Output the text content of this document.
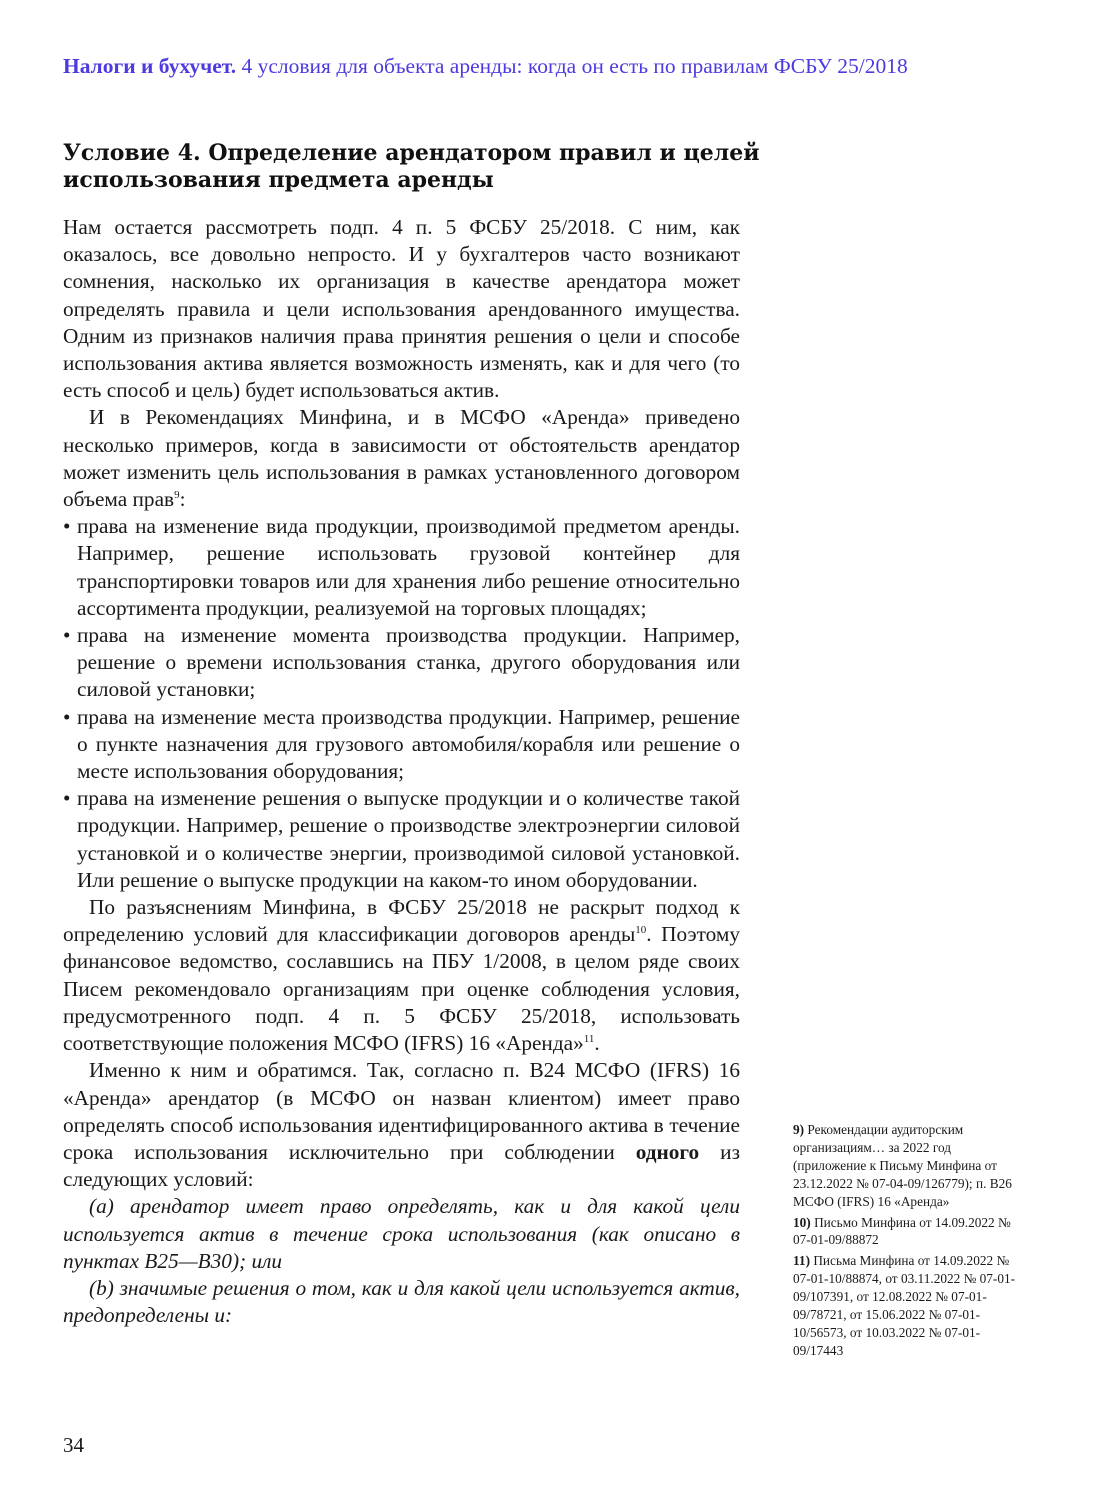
Налоги и бухучет. 4 условия для объекта аренды: когда он есть по правилам ФСБУ 25/2018
Условие 4. Определение арендатором правил и целей использования предмета аренды

Нам остается рассмотреть подп. 4 п. 5 ФСБУ 25/2018. С ним, как оказалось, все довольно непросто. И у бухгалтеров часто возникают сомнения, насколько их организация в качестве арендатора может определять правила и цели использования арендованного имущества. Одним из признаков наличия права принятия решения о цели и способе использования актива является возможность изменять, как и для чего (то есть способ и цель) будет использоваться актив.

И в Рекомендациях Минфина, и в МСФО «Аренда» приведено несколько примеров, когда в зависимости от обстоятельств арендатор может изменить цель использования в рамках установленного договором объема прав$^9$:

• права на изменение вида продукции, производимой предметом аренды. Например, решение использовать грузовой контейнер для транспортировки товаров или для хранения либо решение относительно ассортимента продукции, реализуемой на торговых площадях;
• права на изменение момента производства продукции. Например, решение о времени использования станка, другого оборудования или силовой установки;
• права на изменение места производства продукции. Например, решение о пункте назначения для грузового автомобиля/корабля или решение о месте использования оборудования;
• права на изменение решения о выпуске продукции и о количестве такой продукции. Например, решение о производстве электроэнергии силовой установкой и о количестве энергии, производимой силовой установкой. Или решение о выпуске продукции на каком-то ином оборудовании.

По разъяснениям Минфина, в ФСБУ 25/2018 не раскрыт подход к определению условий для классификации договоров аренды$^{10}$. Поэтому финансовое ведомство, сославшись на ПБУ 1/2008, в целом ряде своих Писем рекомендовало организациям при оценке соблюдения условия, предусмотренного подп. 4 п. 5 ФСБУ 25/2018, использовать соответствующие положения МСФО (IFRS) 16 «Аренда»$^{11}$.

Именно к ним и обратимся. Так, согласно п. B24 МСФО (IFRS) 16 «Аренда» арендатор (в МСФО он назван клиентом) имеет право определять способ использования идентифицированного актива в течение срока использования исключительно при соблюдении одного из следующих условий:

(a) арендатор имеет право определять, как и для какой цели используется актив в течение срока использования (как описано в пунктах B25—B30); или

(b) значимые решения о том, как и для какой цели используется актив, предопределены и:

9) Рекомендации аудиторским организациям… за 2022 год (приложение к Письму Минфина от 23.12.2022 № 07-04-09/126779); п. B26 МСФО (IFRS) 16 «Аренда»
10) Письмо Минфина от 14.09.2022 № 07-01-09/88872
11) Письма Минфина от 14.09.2022 № 07-01-10/88874, от 03.11.2022 № 07-01-09/107391, от 12.08.2022 № 07-01-09/78721, от 15.06.2022 № 07-01-10/56573, от 10.03.2022 № 07-01-09/17443
34
